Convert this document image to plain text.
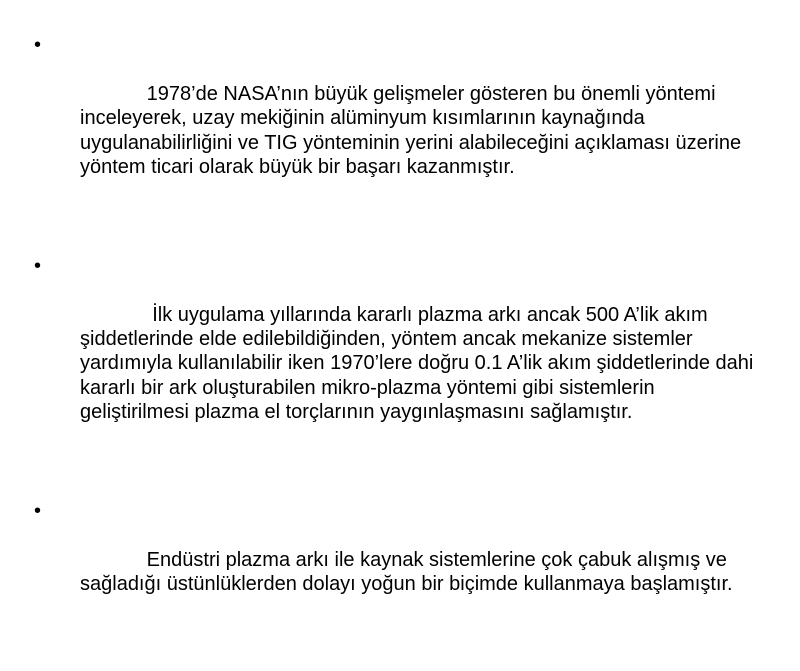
•

1978’de NASA’nın büyük gelişmeler gösteren bu önemli yöntemi inceleyerek, uzay mekiğinin alüminyum kısımlarının kaynağında uygulanabilirliğini ve TIG yönteminin yerini alabileceğini açıklaması üzerine yöntem ticari olarak büyük bir başarı kazanmıştır.

•

İlk uygulama yıllarında kararlı plazma arkı ancak 500 A’lik akım şiddetlerinde elde edilebildiğinden, yöntem ancak mekanize sistemler yardımıyla kullanılabilir iken 1970’lere doğru 0.1 A’lik akım şiddetlerinde dahi kararlı bir ark oluşturabilen mikro-plazma yöntemi gibi sistemlerin geliştirilmesi plazma el torçlarının yaygınlaşmasını sağlamıştır.

•

Endüstri plazma arkı ile kaynak sistemlerine çok çabuk alışmış ve sağladığı üstünlüklerden dolayı yoğun bir biçimde kullanmaya başlamıştır.
